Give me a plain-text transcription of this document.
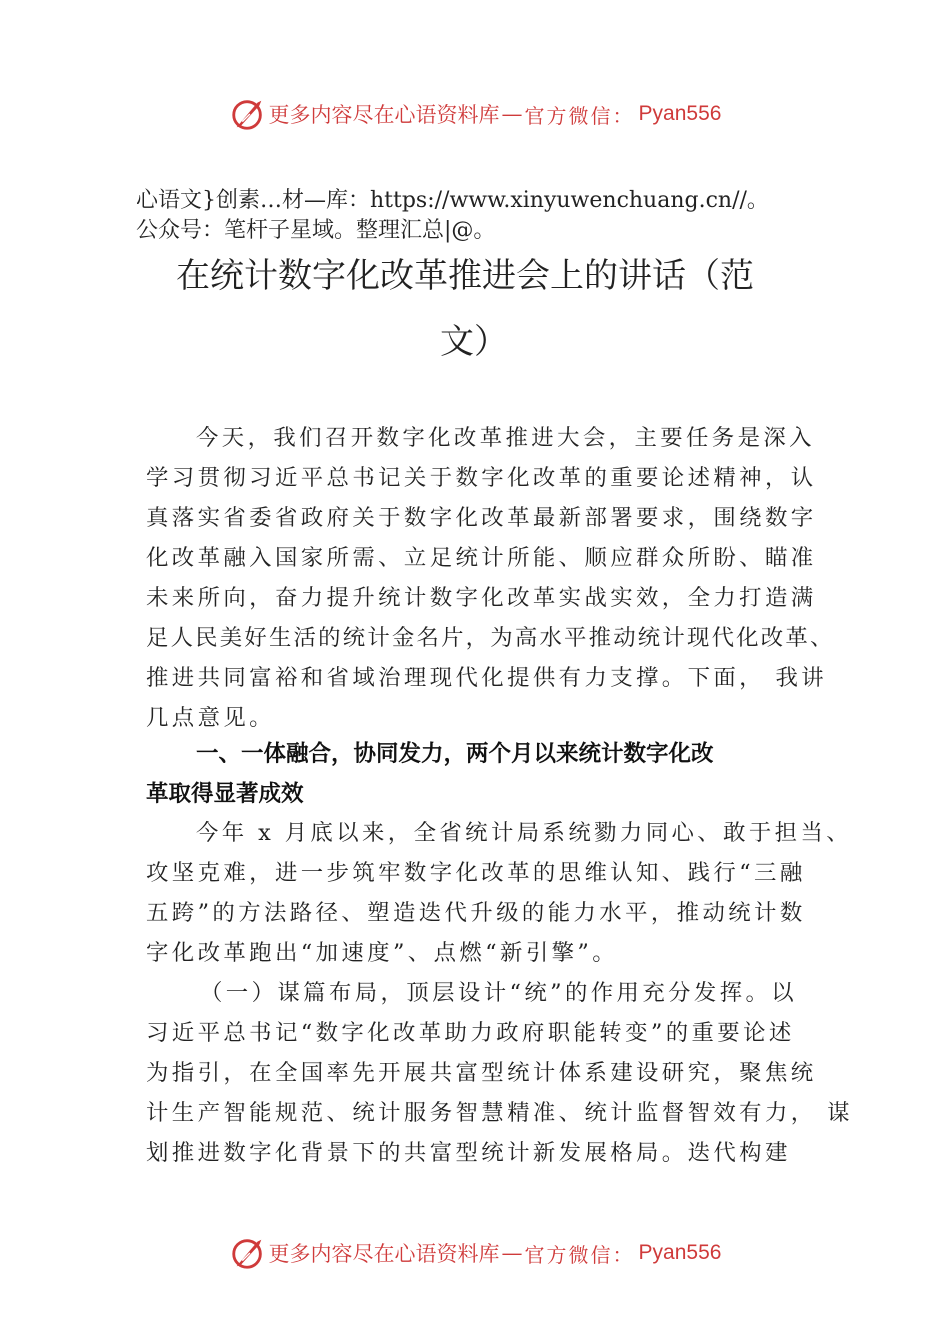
更多内容尽在心语资料库 — 官方微信： Pyan556
心语文}创素…材—库：https://www.xinyuwenchuang.cn//。
公众号：笔杆子星域。整理汇总|@。
在统计数字化改革推进会上的讲话（范
文）
今天，我们召开数字化改革推进大会，主要任务是深入
学习贯彻习近平总书记关于数字化改革的重要论述精神，认
真落实省委省政府关于数字化改革最新部署要求，围绕数字
化改革融入国家所需、立足统计所能、顺应群众所盼、瞄准
未来所向，奋力提升统计数字化改革实战实效，全力打造满
足人民美好生活的统计金名片，为高水平推动统计现代化改革、
推进共同富裕和省域治理现代化提供有力支撑。下面， 我讲
几点意见。
一、一体融合，协同发力，两个月以来统计数字化改
革取得显著成效
今年 x 月底以来，全省统计局系统勠力同心、敢于担当、
攻坚克难，进一步筑牢数字化改革的思维认知、践行“三融
五跨”的方法路径、塑造迭代升级的能力水平，推动统计数
字化改革跑出“加速度”、点燃“新引擎”。
（一）谋篇布局，顶层设计“统”的作用充分发挥。以
习近平总书记“数字化改革助力政府职能转变”的重要论述
为指引，在全国率先开展共富型统计体系建设研究，聚焦统
计生产智能规范、统计服务智慧精准、统计监督智效有力， 谋
划推进数字化背景下的共富型统计新发展格局。迭代构建
更多内容尽在心语资料库 — 官方微信： Pyan556
